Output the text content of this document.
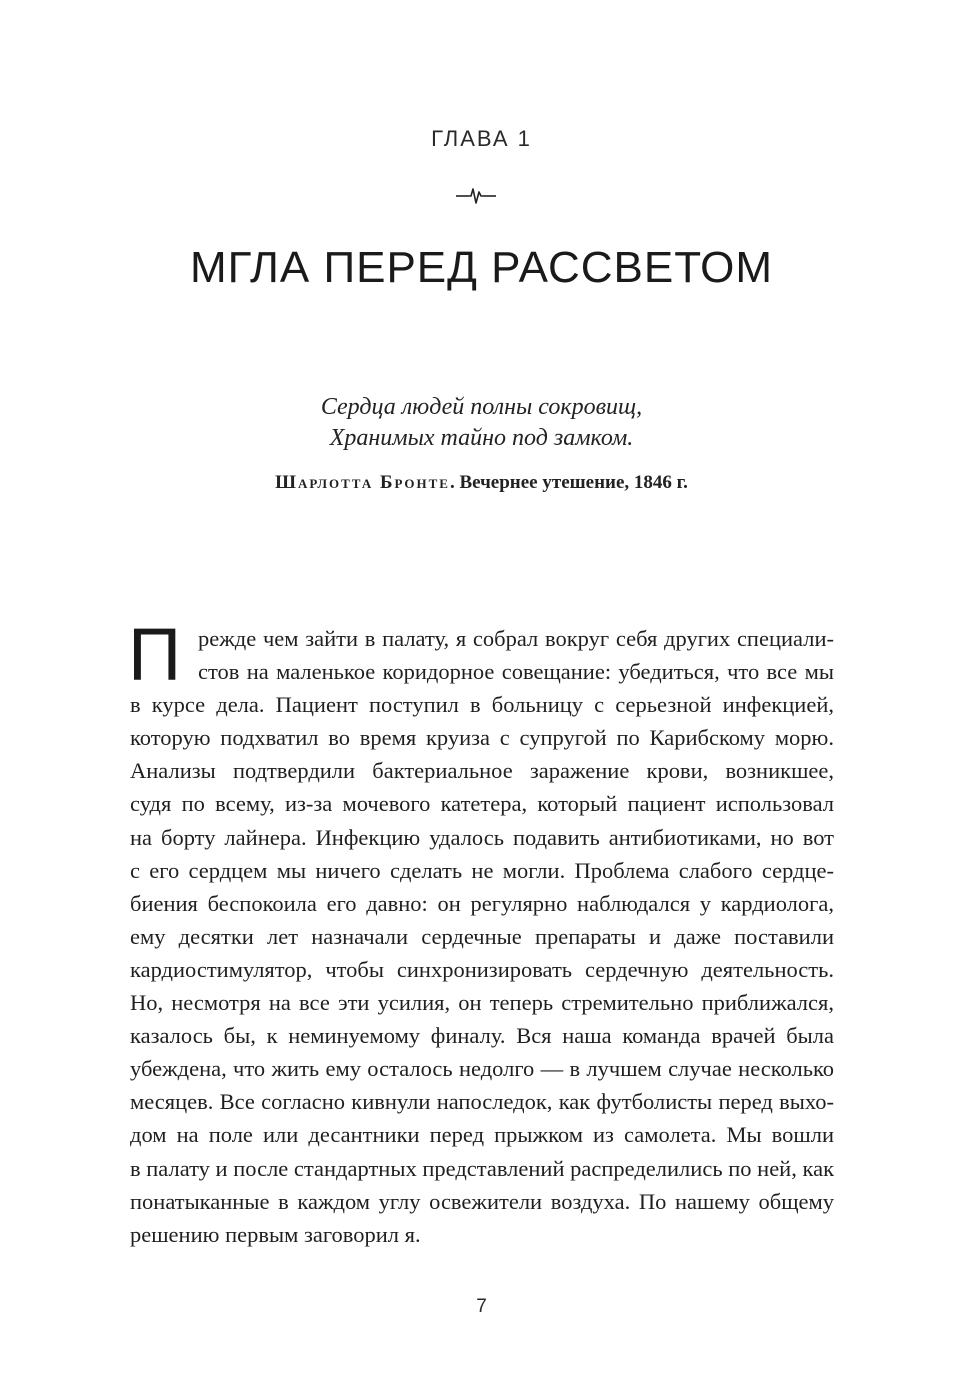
ГЛАВА 1
МГЛА ПЕРЕД РАССВЕТОМ
Сердца людей полны сокровищ,
Хранимых тайно под замком.
Шарлотта Бронте. Вечернее утешение, 1846 г.
П режде чем зайти в палату, я собрал вокруг себя других специали-
стов на маленькое коридорное совещание: убедиться, что все мы
в курсе дела. Пациент поступил в больницу с серьезной инфекцией,
которую подхватил во время круиза с супругой по Карибскому морю.
Анализы подтвердили бактериальное заражение крови, возникшее,
судя по всему, из-за мочевого катетера, который пациент использовал
на борту лайнера. Инфекцию удалось подавить антибиотиками, но вот
с его сердцем мы ничего сделать не могли. Проблема слабого сердце-
биения беспокоила его давно: он регулярно наблюдался у кардиолога,
ему десятки лет назначали сердечные препараты и даже поставили
кардиостимулятор, чтобы синхронизировать сердечную деятельность.
Но, несмотря на все эти усилия, он теперь стремительно приближался,
казалось бы, к неминуемому финалу. Вся наша команда врачей была
убеждена, что жить ему осталось недолго — в лучшем случае несколько
месяцев. Все согласно кивнули напоследок, как футболисты перед выхо-
дом на поле или десантники перед прыжком из самолета. Мы вошли
в палату и после стандартных представлений распределились по ней, как
понатыканные в каждом углу освежители воздуха. По нашему общему
решению первым заговорил я.
7
